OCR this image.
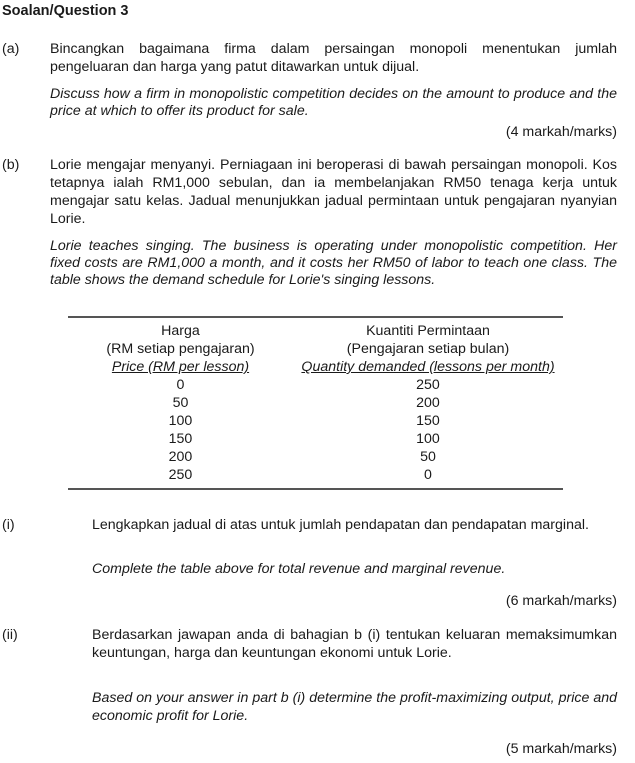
Soalan/Question 3
(a) Bincangkan bagaimana firma dalam persaingan monopoli menentukan jumlah pengeluaran dan harga yang patut ditawarkan untuk dijual.
Discuss how a firm in monopolistic competition decides on the amount to produce and the price at which to offer its product for sale.
(4 markah/marks)
(b) Lorie mengajar menyanyi. Perniagaan ini beroperasi di bawah persaingan monopoli. Kos tetapnya ialah RM1,000 sebulan, dan ia membelanjakan RM50 tenaga kerja untuk mengajar satu kelas. Jadual menunjukkan jadual permintaan untuk pengajaran nyanyian Lorie.
Lorie teaches singing. The business is operating under monopolistic competition. Her fixed costs are RM1,000 a month, and it costs her RM50 of labor to teach one class. The table shows the demand schedule for Lorie's singing lessons.
Harga	Kuantiti Permintaan
(RM setiap pengajaran)	(Pengajaran setiap bulan)
Price (RM per lesson)	Quantity demanded (lessons per month)
0	250
50	200
100	150
150	100
200	50
250	0
(i)	Lengkapkan jadual di atas untuk jumlah pendapatan dan pendapatan marginal.
Complete the table above for total revenue and marginal revenue.
(6 markah/marks)
(ii)	Berdasarkan jawapan anda di bahagian b (i) tentukan keluaran memaksimumkan keuntungan, harga dan keuntungan ekonomi untuk Lorie.
Based on your answer in part b (i) determine the profit-maximizing output, price and economic profit for Lorie.
(5 markah/marks)
